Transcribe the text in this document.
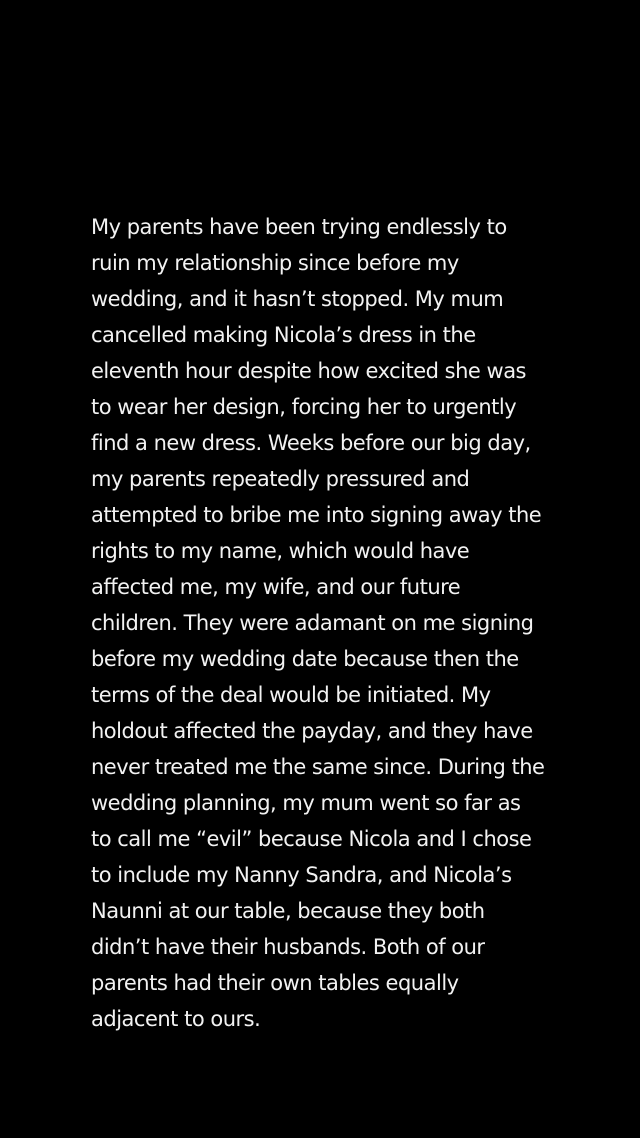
My parents have been trying endlessly to
ruin my relationship since before my
wedding, and it hasn’t stopped. My mum
cancelled making Nicola’s dress in the
eleventh hour despite how excited she was
to wear her design, forcing her to urgently
find a new dress. Weeks before our big day,
my parents repeatedly pressured and
attempted to bribe me into signing away the
rights to my name, which would have
affected me, my wife, and our future
children. They were adamant on me signing
before my wedding date because then the
terms of the deal would be initiated. My
holdout affected the payday, and they have
never treated me the same since. During the
wedding planning, my mum went so far as
to call me “evil” because Nicola and I chose
to include my Nanny Sandra, and Nicola’s
Naunni at our table, because they both
didn’t have their husbands. Both of our
parents had their own tables equally
adjacent to ours.
